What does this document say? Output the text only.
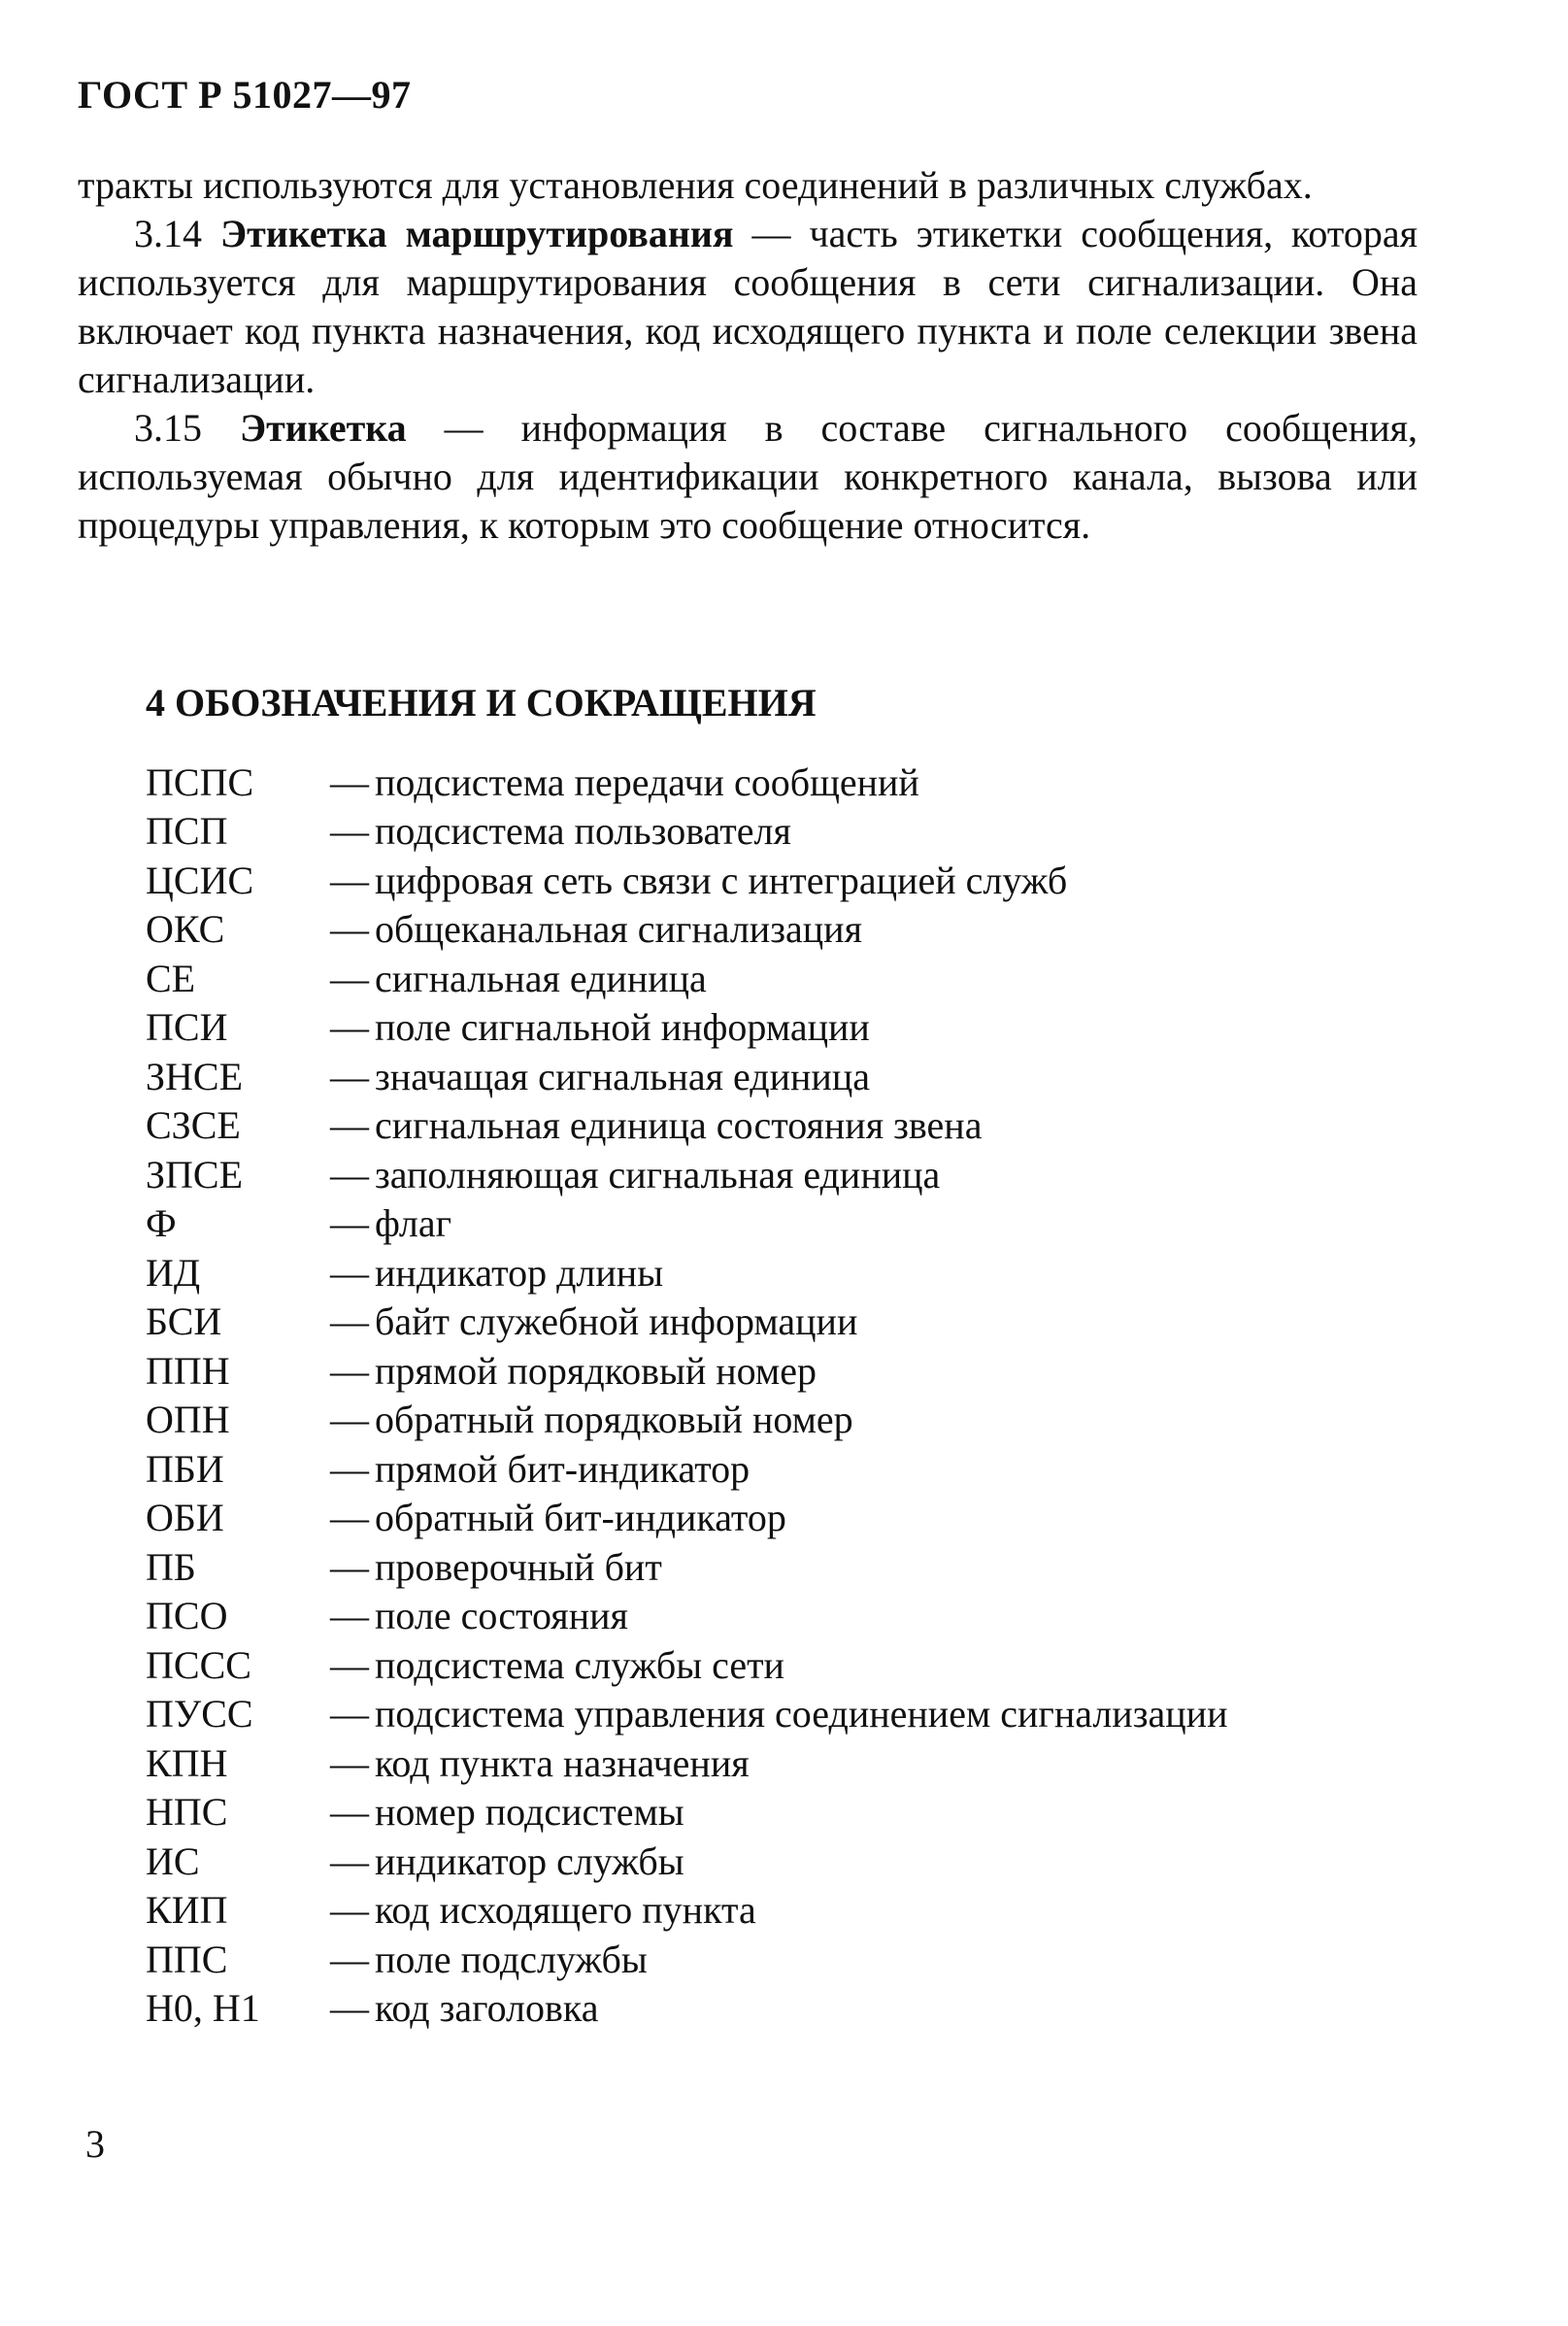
ГОСТ Р 51027—97

тракты используются для установления соединений в различных службах.

3.14 Этикетка маршрутирования — часть этикетки сообщения, которая используется для маршрутирования сообщения в сети сигнализации. Она включает код пункта назначения, код исходящего пункта и поле селекции звена сигнализации.

3.15 Этикетка — информация в составе сигнального сообщения, используемая обычно для идентификации конкретного канала, вызова или процедуры управления, к которым это сообщение относится.

4 ОБОЗНАЧЕНИЯ И СОКРАЩЕНИЯ
ПСПС	— подсистема передачи сообщений
ПСП	— подсистема пользователя
ЦСИС	— цифровая сеть связи с интеграцией служб
ОКС	— общеканальная сигнализация
СЕ	— сигнальная единица
ПСИ	— поле сигнальной информации
ЗНСЕ	— значащая сигнальная единица
СЗСЕ	— сигнальная единица состояния звена
ЗПСЕ	— заполняющая сигнальная единица
Ф	— флаг
ИД	— индикатор длины
БСИ	— байт служебной информации
ППН	— прямой порядковый номер
ОПН	— обратный порядковый номер
ПБИ	— прямой бит-индикатор
ОБИ	— обратный бит-индикатор
ПБ	— проверочный бит
ПСО	— поле состояния
ПССС	— подсистема службы сети
ПУСС	— подсистема управления соединением сигнализации
КПН	— код пункта назначения
НПС	— номер подсистемы
ИС	— индикатор службы
КИП	— код исходящего пункта
ППС	— поле подслужбы
Н0, Н1	— код заголовка
3
